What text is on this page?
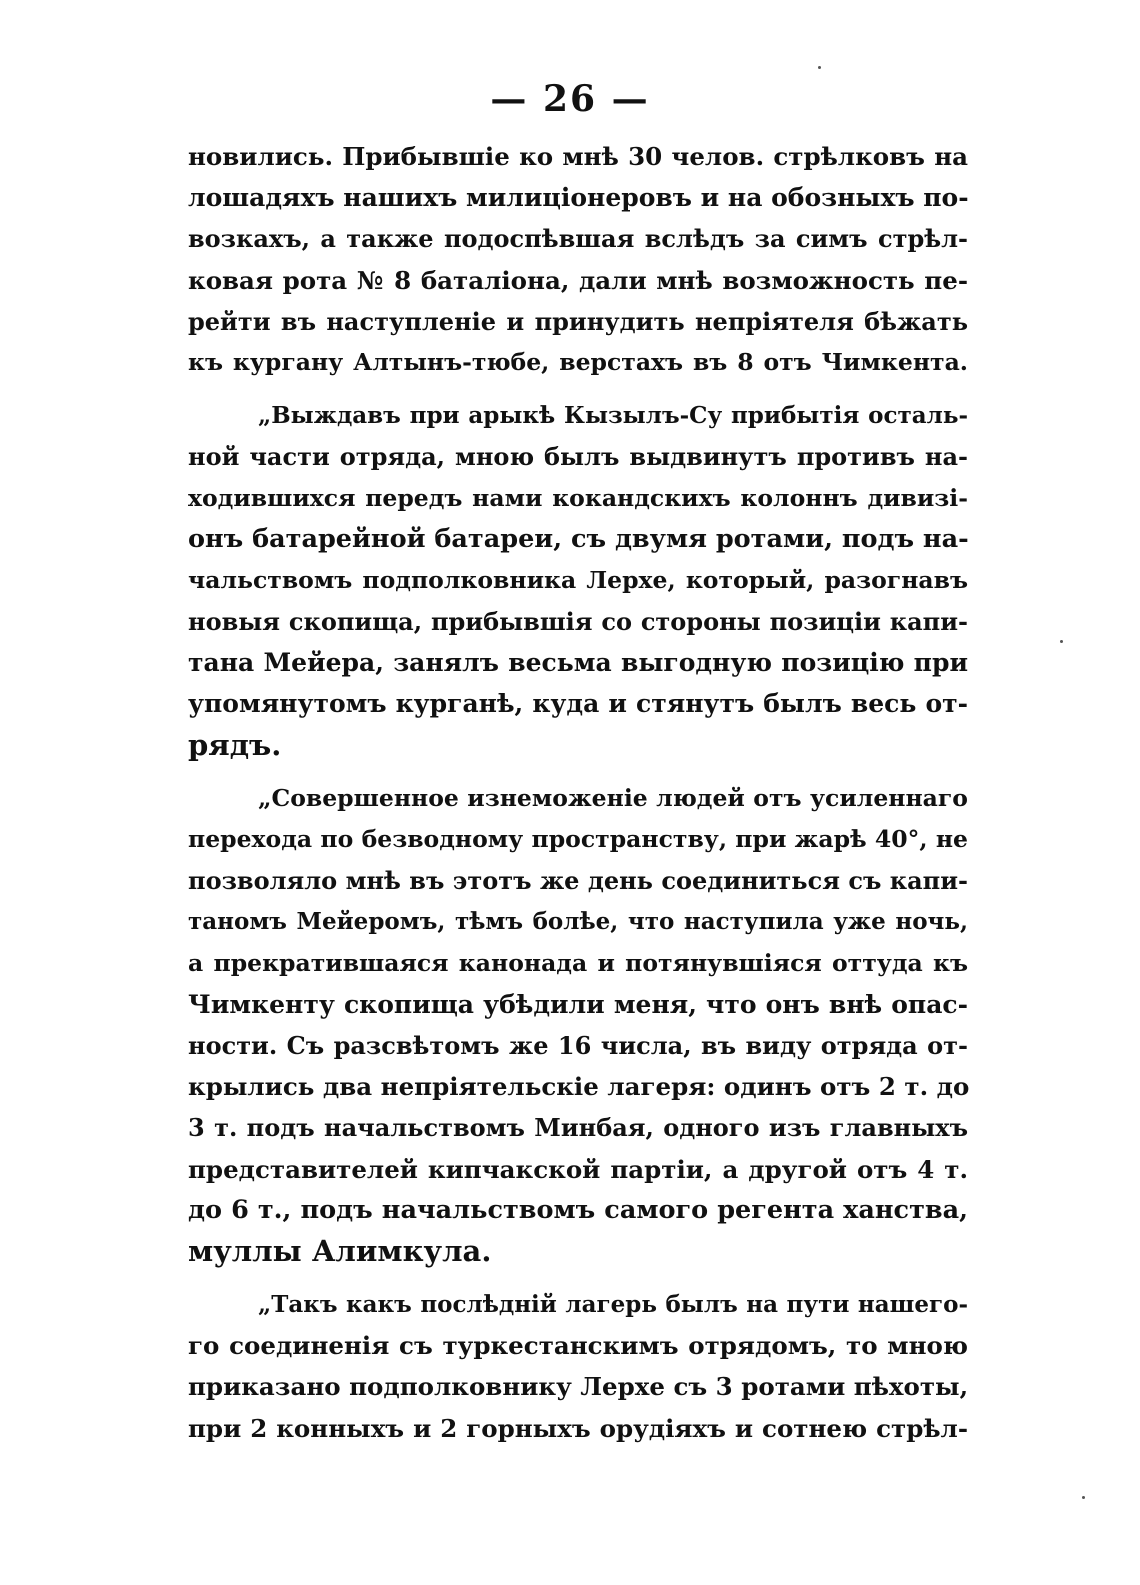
— 26 —
новились. Прибывшіе ко мнѣ 30 челов. стрѣлковъ на
лошадяхъ нашихъ милиціонеровъ и на обозныхъ по-
возкахъ, а также подоспѣвшая вслѣдъ за симъ стрѣл-
ковая рота № 8 баталіона, дали мнѣ возможность пе-
рейти въ наступленіе и принудить непріятеля бѣжать
къ кургану Алтынъ-тюбе, верстахъ въ 8 отъ Чимкента.
„Выждавъ при арыкѣ Кызылъ-Су прибытія осталь-
ной части отряда, мною былъ выдвинутъ противъ на-
ходившихся передъ нами кокандскихъ колоннъ дивизі-
онъ батарейной батареи, съ двумя ротами, подъ на-
чальствомъ подполковника Лерхе, который, разогнавъ
новыя скопища, прибывшія со стороны позиціи капи-
тана Мейера, занялъ весьма выгодную позицію при
упомянутомъ курганѣ, куда и стянутъ былъ весь от-
рядъ.
„Совершенное изнеможеніе людей отъ усиленнаго
перехода по безводному пространству, при жарѣ 40°, не
позволяло мнѣ въ этотъ же день соединиться съ капи-
таномъ Мейеромъ, тѣмъ болѣе, что наступила уже ночь,
а прекратившаяся канонада и потянувшіяся оттуда къ
Чимкенту скопища убѣдили меня, что онъ внѣ опас-
ности. Съ разсвѣтомъ же 16 числа, въ виду отряда от-
крылись два непріятельскіе лагеря: одинъ отъ 2 т. до
3 т. подъ начальствомъ Минбая, одного изъ главныхъ
представителей кипчакской партіи, а другой отъ 4 т.
до 6 т., подъ начальствомъ самого регента ханства,
муллы Алимкула.
„Такъ какъ послѣдній лагерь былъ на пути нашего-
го соединенія съ туркестанскимъ отрядомъ, то мною
приказано подполковнику Лерхе съ 3 ротами пѣхоты,
при 2 конныхъ и 2 горныхъ орудіяхъ и сотнею стрѣл-
